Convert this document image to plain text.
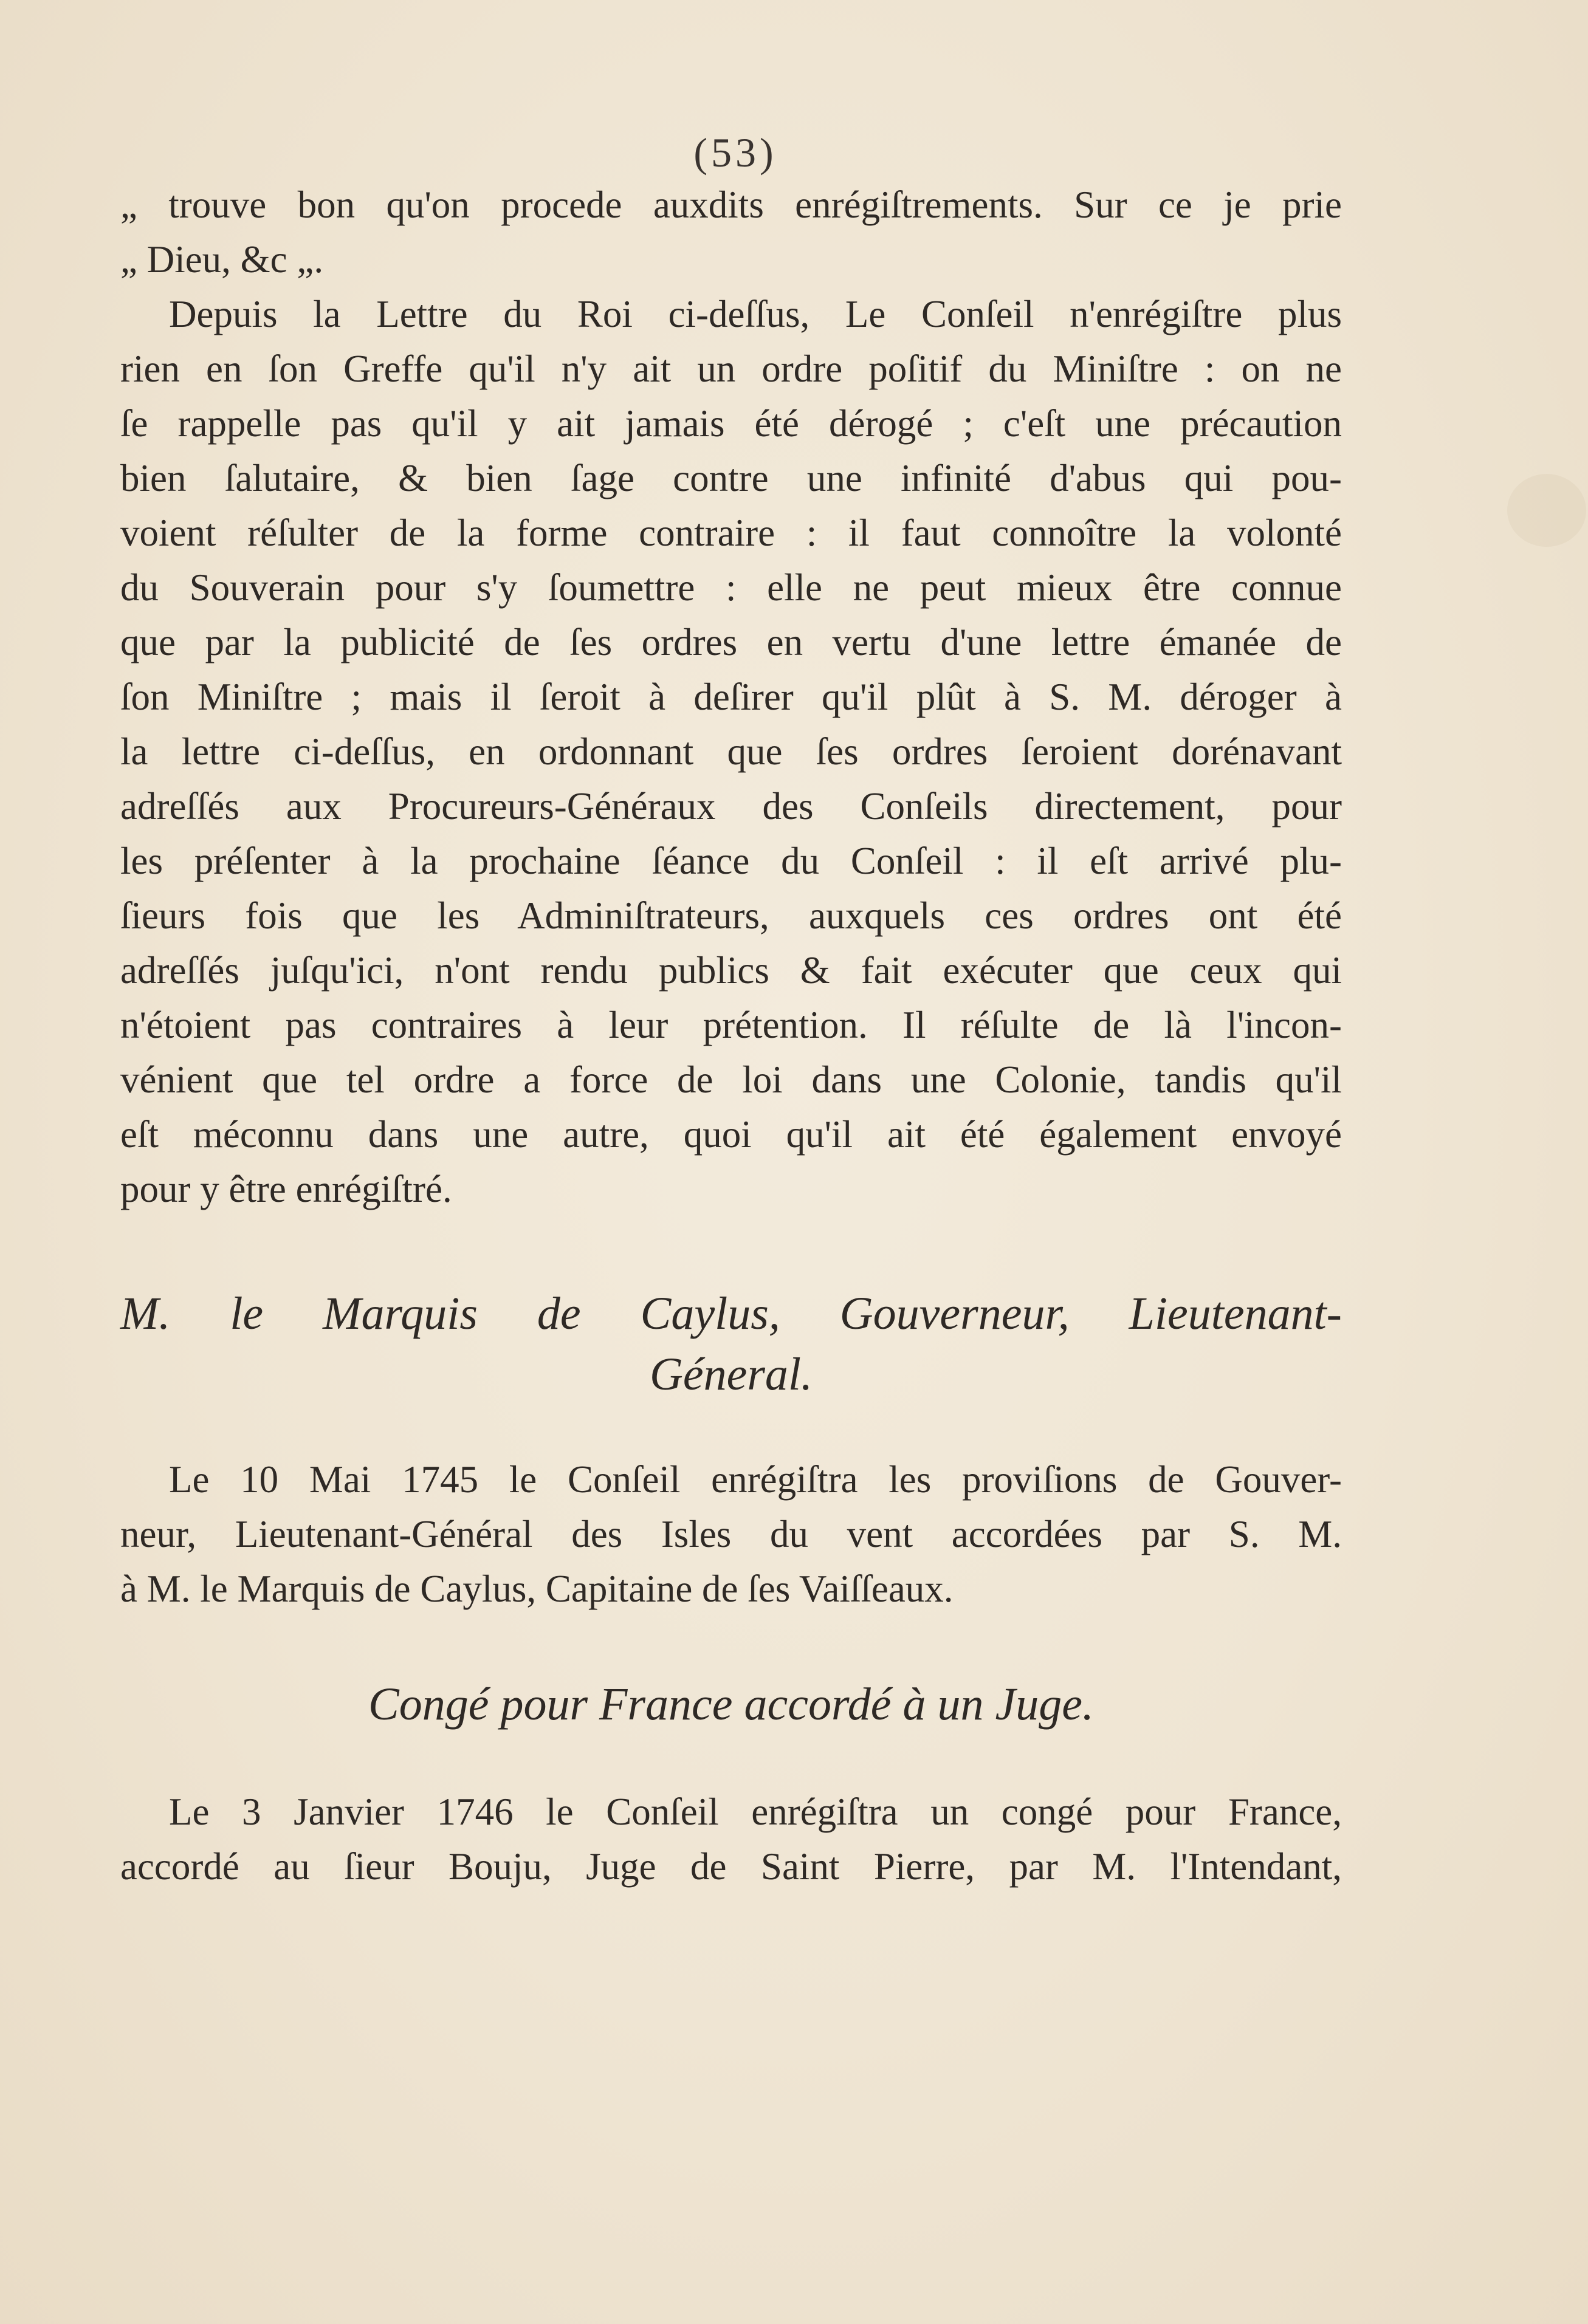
(53)
„ trouve bon qu'on procede auxdits enrégiſtrements. Sur ce je prie
„ Dieu, &c „.
Depuis la Lettre du Roi ci-deſſus, Le Conſeil n'enrégiſtre plus
rien en ſon Greffe qu'il n'y ait un ordre poſitif du Miniſtre : on ne
ſe rappelle pas qu'il y ait jamais été dérogé ; c'eſt une précaution
bien ſalutaire, & bien ſage contre une infinité d'abus qui pou-
voient réſulter de la forme contraire : il faut connoître la volonté
du Souverain pour s'y ſoumettre : elle ne peut mieux être connue
que par la publicité de ſes ordres en vertu d'une lettre émanée de
ſon Miniſtre ; mais il ſeroit à deſirer qu'il plût à S. M. déroger à
la lettre ci-deſſus, en ordonnant que ſes ordres ſeroient dorénavant
adreſſés aux Procureurs-Généraux des Conſeils directement, pour
les préſenter à la prochaine ſéance du Conſeil : il eſt arrivé plu-
ſieurs fois que les Adminiſtrateurs, auxquels ces ordres ont été
adreſſés juſqu'ici, n'ont rendu publics & fait exécuter que ceux qui
n'étoient pas contraires à leur prétention. Il réſulte de là l'incon-
vénient que tel ordre a force de loi dans une Colonie, tandis qu'il
eſt méconnu dans une autre, quoi qu'il ait été également envoyé
pour y être enrégiſtré.
M. le Marquis de Caylus, Gouverneur, Lieutenant-
Géneral.
Le 10 Mai 1745 le Conſeil enrégiſtra les proviſions de Gouver-
neur, Lieutenant-Général des Isles du vent accordées par S. M.
à M. le Marquis de Caylus, Capitaine de ſes Vaiſſeaux.
Congé pour France accordé à un Juge.
Le 3 Janvier 1746 le Conſeil enrégiſtra un congé pour France,
accordé au ſieur Bouju, Juge de Saint Pierre, par M. l'Intendant,
